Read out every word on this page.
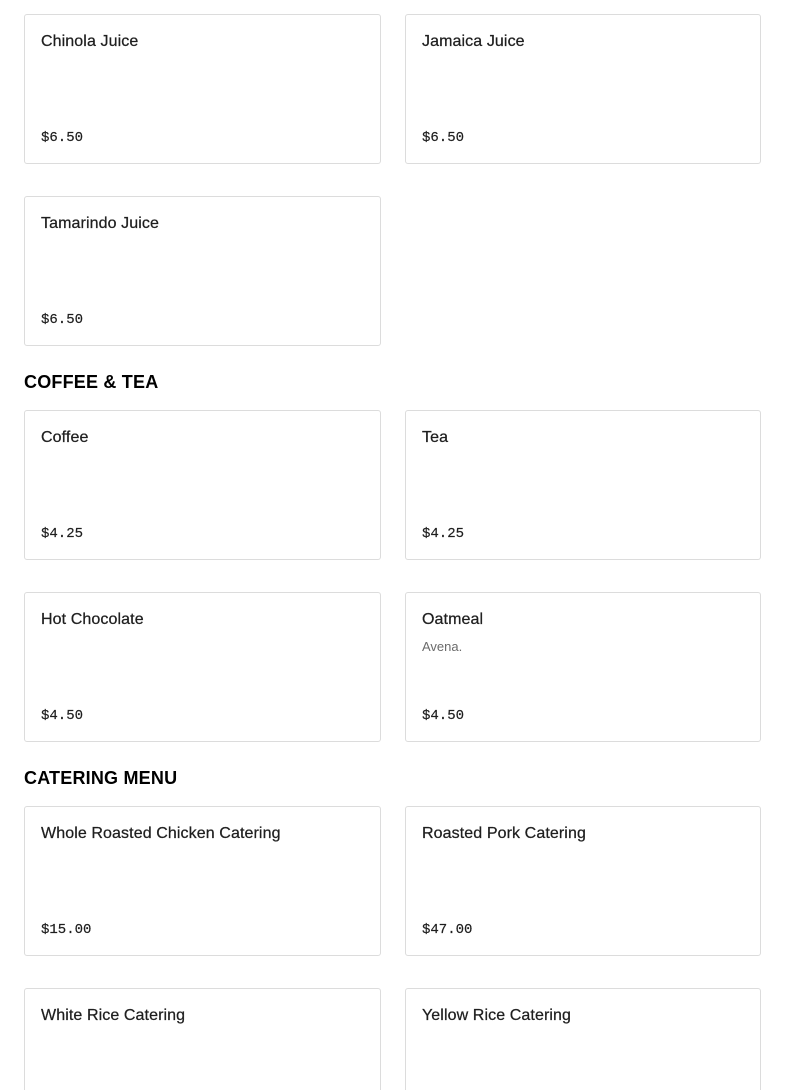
Chinola Juice
$6.50
Jamaica Juice
$6.50
Tamarindo Juice
$6.50
COFFEE & TEA
Coffee
$4.25
Tea
$4.25
Hot Chocolate
$4.50
Oatmeal
Avena.
$4.50
CATERING MENU
Whole Roasted Chicken Catering
$15.00
Roasted Pork Catering
$47.00
White Rice Catering	Yellow Rice Catering
